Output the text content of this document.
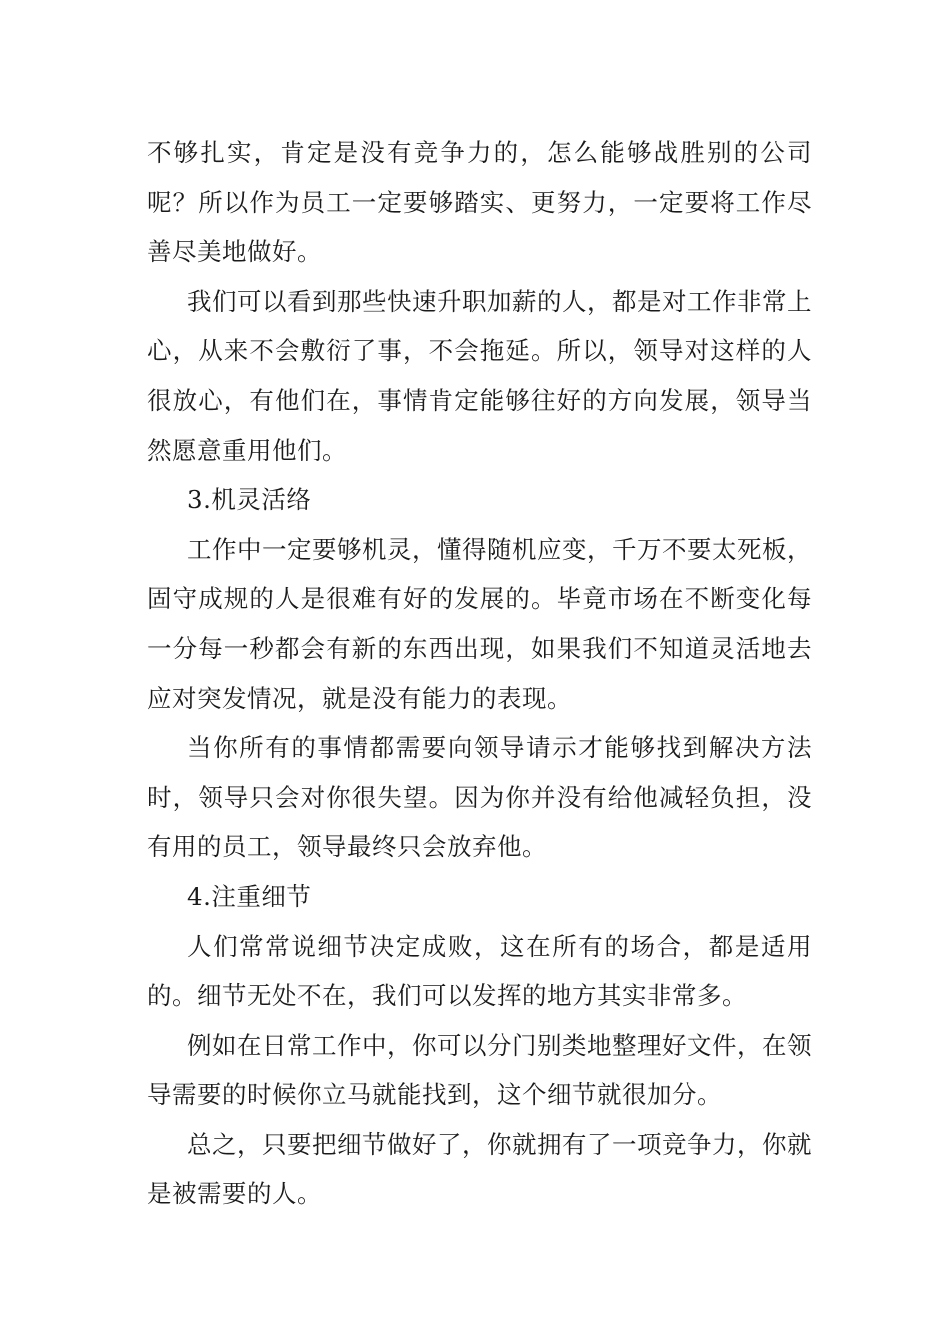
不够扎实，肯定是没有竞争力的，怎么能够战胜别的公司呢？所以作为员工一定要够踏实、更努力，一定要将工作尽善尽美地做好。

我们可以看到那些快速升职加薪的人，都是对工作非常上心，从来不会敷衍了事，不会拖延。所以，领导对这样的人很放心，有他们在，事情肯定能够往好的方向发展，领导当然愿意重用他们。

3.机灵活络

工作中一定要够机灵，懂得随机应变，千万不要太死板，固守成规的人是很难有好的发展的。毕竟市场在不断变化每一分每一秒都会有新的东西出现，如果我们不知道灵活地去应对突发情况，就是没有能力的表现。

当你所有的事情都需要向领导请示才能够找到解决方法时，领导只会对你很失望。因为你并没有给他减轻负担，没有用的员工，领导最终只会放弃他。

4.注重细节

人们常常说细节决定成败，这在所有的场合，都是适用的。细节无处不在，我们可以发挥的地方其实非常多。

例如在日常工作中，你可以分门别类地整理好文件，在领导需要的时候你立马就能找到，这个细节就很加分。

总之，只要把细节做好了，你就拥有了一项竞争力，你就是被需要的人。
